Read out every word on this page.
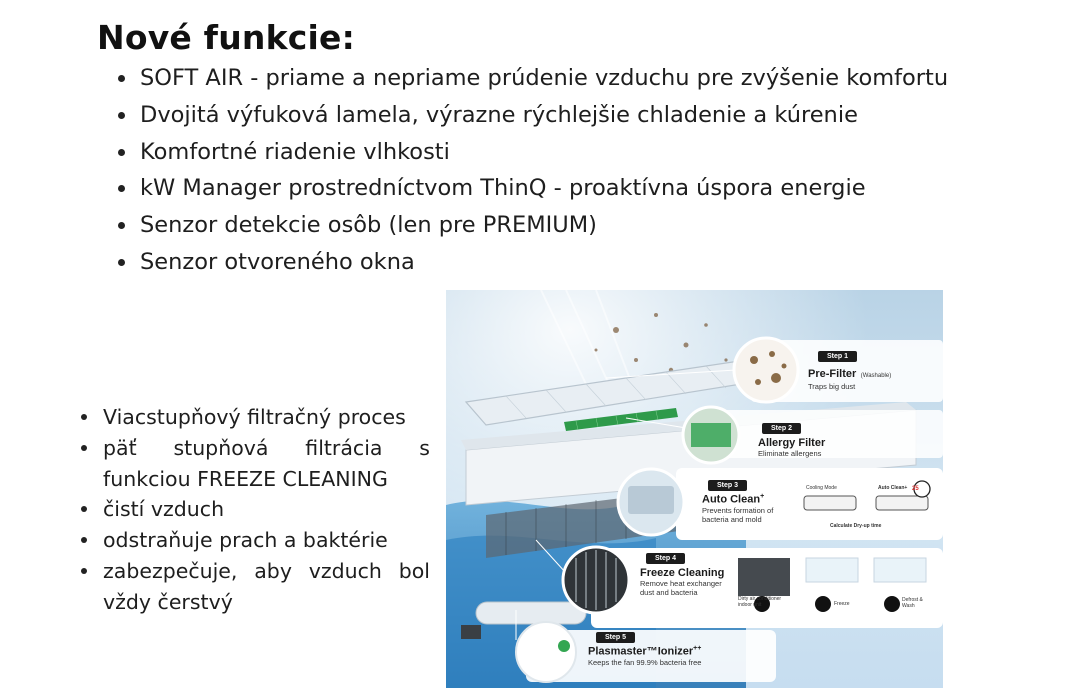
Nové funkcie:
SOFT AIR - priame a nepriame prúdenie vzduchu pre zvýšenie komfortu
Dvojitá výfuková lamela, výrazne rýchlejšie chladenie a kúrenie
Komfortné riadenie vlhkosti
kW Manager prostredníctvom ThinQ - proaktívna úspora energie
Senzor detekcie osôb (len pre PREMIUM)
Senzor otvoreného okna
Viacstupňový filtračný proces
päť stupňová filtrácia s funkciou FREEZE CLEANING
čistí vzduch
odstraňuje prach a baktérie
zabezpečuje, aby vzduch bol vždy čerstvý
Step 1
Pre-Filter (Washable)
Traps big dust
Step 2
Allergy Filter
Eliminate allergens
Step 3
Auto Clean+
Prevents formation of bacteria and mold
Cooling Mode	Auto Clean+
Calculate Dry-up time
25
Step 4
Freeze Cleaning
Remove heat exchanger dust and bacteria
Dirty air conditioner indoor unit	Freeze
Defrost & Wash
Step 5
Plasmaster™Ionizer++
Keeps the fan 99.9% bacteria free
